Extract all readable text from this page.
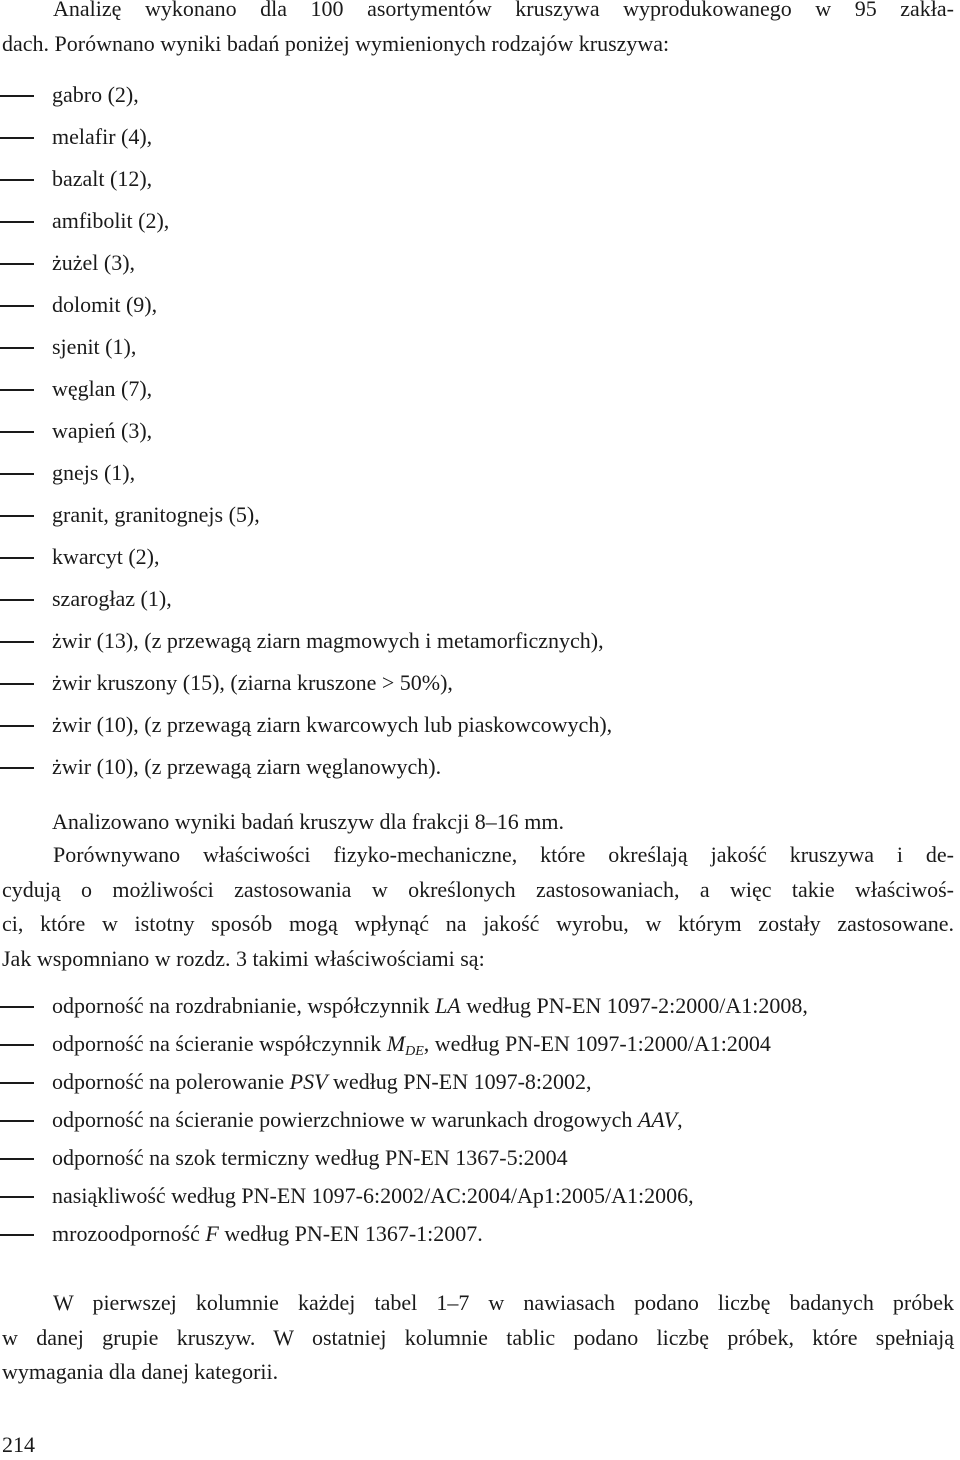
Analizę wykonano dla 100 asortymentów kruszywa wyprodukowanego w 95 zakła-
dach. Porównano wyniki badań poniżej wymienionych rodzajów kruszywa:
gabro (2),
melafir (4),
bazalt (12),
amfibolit (2),
żużel (3),
dolomit (9),
sjenit (1),
węglan (7),
wapień (3),
gnejs (1),
granit, granitognejs (5),
kwarcyt (2),
szarogłaz (1),
żwir (13), (z przewagą ziarn magmowych i metamorficznych),
żwir kruszony (15), (ziarna kruszone > 50%),
żwir (10), (z przewagą ziarn kwarcowych lub piaskowcowych),
żwir (10), (z przewagą ziarn węglanowych).

Analizowano wyniki badań kruszyw dla frakcji 8–16 mm.

Porównywano właściwości fizyko-mechaniczne, które określają jakość kruszywa i de-
cydują o możliwości zastosowania w określonych zastosowaniach, a więc takie właściwoś-
ci, które w istotny sposób mogą wpłynąć na jakość wyrobu, w którym zostały zastosowane.
Jak wspomniano w rozdz. 3 takimi właściwościami są:
odporność na rozdrabnianie, współczynnik LA według PN-EN 1097-2:2000/A1:2008,
odporność na ścieranie współczynnik $M_{DE}$, według PN-EN 1097-1:2000/A1:2004
odporność na polerowanie PSV według PN-EN 1097-8:2002,
odporność na ścieranie powierzchniowe w warunkach drogowych AAV,
odporność na szok termiczny według PN-EN 1367-5:2004
nasiąkliwość według PN-EN 1097-6:2002/AC:2004/Ap1:2005/A1:2006,
mrozoodporność F według PN-EN 1367-1:2007.
W pierwszej kolumnie każdej tabel 1–7 w nawiasach podano liczbę badanych próbek
w danej grupie kruszyw. W ostatniej kolumnie tablic podano liczbę próbek, które spełniają
wymagania dla danej kategorii.

214
